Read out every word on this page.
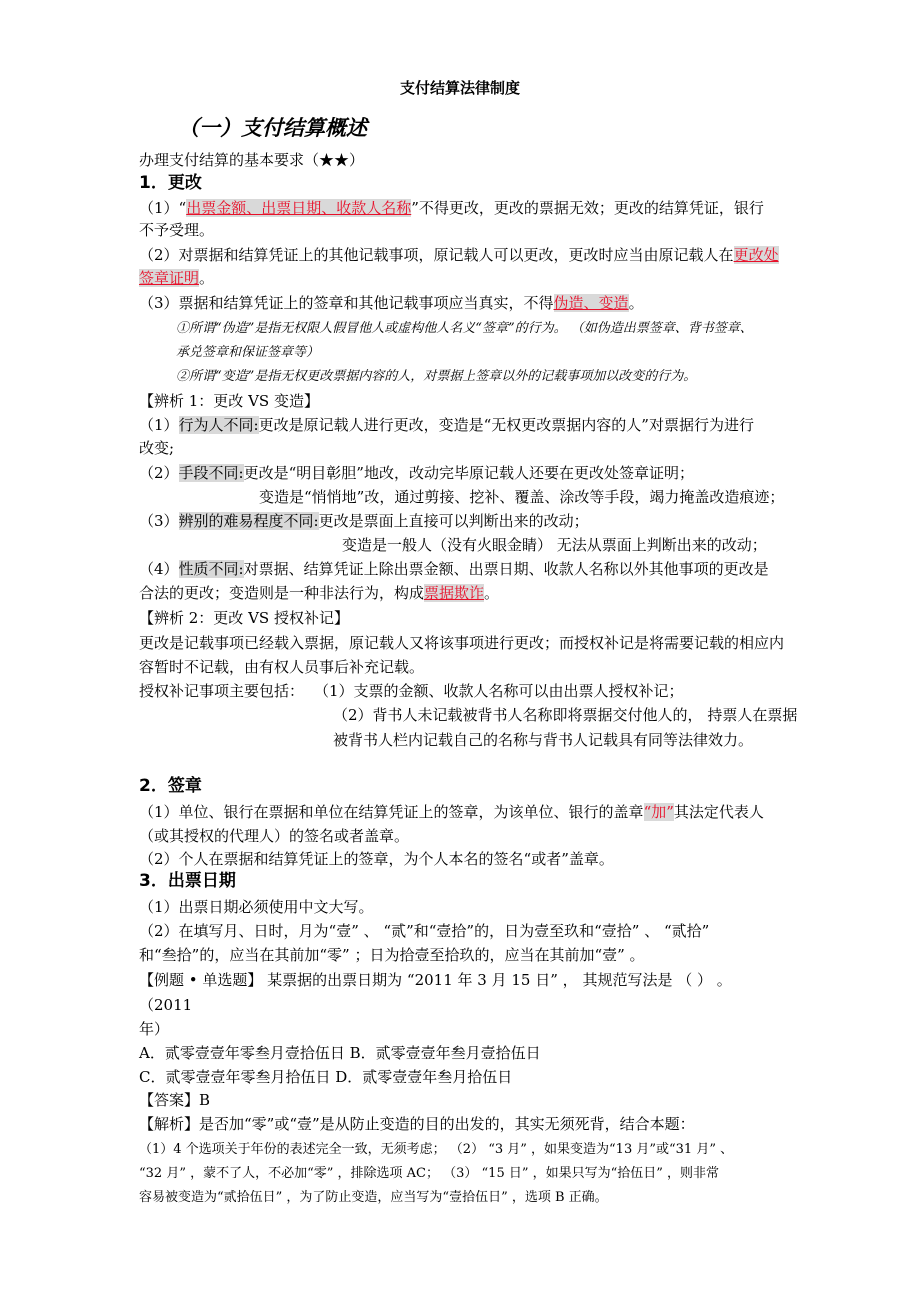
支付结算法律制度
（一）支付结算概述
办理支付结算的基本要求（★★）
1．更改
（1）“出票金额、出票日期、收款人名称”不得更改，更改的票据无效；更改的结算凭证，银行
不予受理。
（2）对票据和结算凭证上的其他记载事项，原记载人可以更改，更改时应当由原记载人在更改处
签章证明。
（3）票据和结算凭证上的签章和其他记载事项应当真实，不得伪造、变造。
①所谓“伪造”是指无权限人假冒他人或虚构他人名义“签章”的行为。 （如伪造出票签章、背书签章、
承兑签章和保证签章等）
②所谓“变造”是指无权更改票据内容的人，对票据上签章以外的记载事项加以改变的行为。
【辨析 1：更改 VS 变造】
（1）行为人不同:更改是原记载人进行更改，变造是“无权更改票据内容的人”对票据行为进行
改变;
（2）手段不同:更改是“明目彰胆”地改，改动完毕原记载人还要在更改处签章证明；
变造是“悄悄地”改，通过剪接、挖补、覆盖、涂改等手段，竭力掩盖改造痕迹；
（3）辨别的难易程度不同:更改是票面上直接可以判断出来的改动；
变造是一般人（没有火眼金睛） 无法从票面上判断出来的改动；
（4）性质不同:对票据、结算凭证上除出票金额、出票日期、收款人名称以外其他事项的更改是
合法的更改；变造则是一种非法行为，构成票据欺诈。
【辨析 2：更改 VS 授权补记】
更改是记载事项已经载入票据，原记载人又将该事项进行更改；而授权补记是将需要记载的相应内
容暂时不记载，由有权人员事后补充记载。
授权补记事项主要包括： （1）支票的金额、收款人名称可以由出票人授权补记；
（2）背书人未记载被背书人名称即将票据交付他人的， 持票人在票据
被背书人栏内记载自己的名称与背书人记载具有同等法律效力。
2．签章
（1）单位、银行在票据和单位在结算凭证上的签章，为该单位、银行的盖章“加”其法定代表人
（或其授权的代理人）的签名或者盖章。
（2）个人在票据和结算凭证上的签章，为个人本名的签名“或者”盖章。
3．出票日期
（1）出票日期必须使用中文大写。
（2）在填写月、日时，月为“壹” 、 “贰”和“壹拾”的，日为壹至玖和“壹拾” 、 “贰拾”
和“叁拾”的，应当在其前加“零” ；日为拾壹至拾玖的，应当在其前加“壹” 。
【例题 • 单选题】 某票据的出票日期为 “2011 年 3 月 15 日” ， 其规范写法是 （ ） 。
（2011
年）
A．贰零壹壹年零叁月壹拾伍日 B．贰零壹壹年叁月壹拾伍日
C．贰零壹壹年零叁月拾伍日 D．贰零壹壹年叁月拾伍日
【答案】B
【解析】是否加“零”或“壹”是从防止变造的目的出发的，其实无须死背，结合本题：
（1）4 个选项关于年份的表述完全一致，无须考虑； （2） “3 月” ，如果变造为“13 月”或“31 月” 、
“32 月” ，蒙不了人，不必加“零” ，排除选项 AC； （3） “15 日” ，如果只写为“拾伍日” ，则非常
容易被变造为“贰拾伍日” ，为了防止变造，应当写为“壹拾伍日” ，选项 B 正确。
